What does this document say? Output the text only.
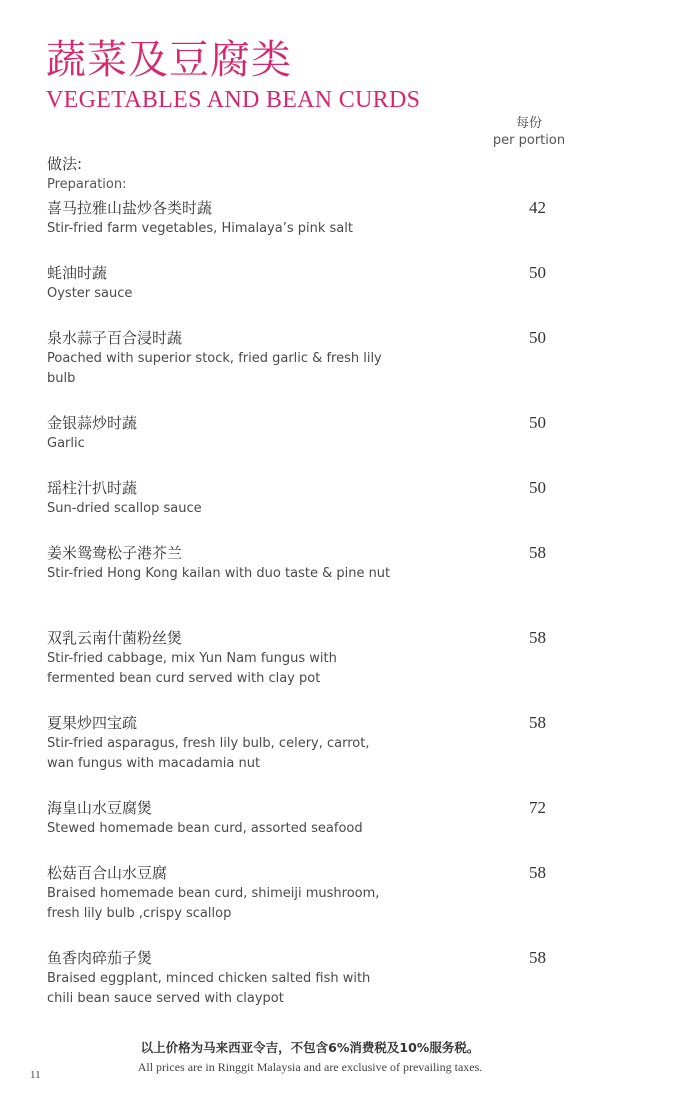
蔬菜及豆腐类
VEGETABLES AND BEAN CURDS
每份
per portion
做法:
Preparation:
喜马拉雅山盐炒各类时蔬
Stir-fried farm vegetables, Himalaya’s pink salt
42
蚝油时蔬
Oyster sauce
50
泉水蒜子百合浸时蔬
Poached with superior stock, fried garlic & fresh lily bulb
50
金银蒜炒时蔬
Garlic
50
瑶柱汁扒时蔬
Sun-dried scallop sauce
50
姜米鸳鸯松子港芥兰
Stir-fried Hong Kong kailan with duo taste & pine nut
58
双乳云南什菌粉丝煲
Stir-fried cabbage, mix Yun Nam fungus with fermented bean curd served with clay pot
58
夏果炒四宝疏
Stir-fried asparagus, fresh lily bulb, celery, carrot, wan fungus with macadamia nut
58
海皇山水豆腐煲
Stewed homemade bean curd, assorted seafood
72
松菇百合山水豆腐
Braised homemade bean curd, shimeiji mushroom, fresh lily bulb ,crispy scallop
58
鱼香肉碎茄子煲
Braised eggplant, minced chicken salted fish with chili bean sauce served with claypot
58
以上价格为马来西亚令吉，不包含6%消费税及10%服务税。
All prices are in Ringgit Malaysia and are exclusive of prevailing taxes.
11
